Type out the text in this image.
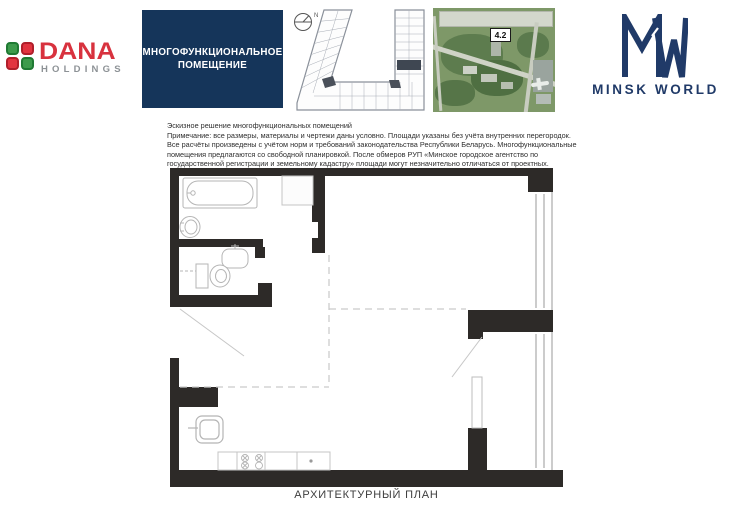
DANA
HOLDINGS
МНОГОФУНКЦИОНАЛЬНОЕ
ПОМЕЩЕНИЕ
N
4.2
MINSK WORLD
Эскизное решение многофункциональных помещений
Примечание: все размеры, материалы и чертежи даны условно. Площади указаны без учёта внутренних перегородок.
Все расчёты произведены с учётом норм и требований законодательства Республики Беларусь. Многофункциональные
помещения предлагаются со свободной планировкой. После обмеров РУП «Минское городское агентство по
государственной регистрации и земельному кадастру» площади могут незначительно отличаться от проектных.
АРХИТЕКТУРНЫЙ ПЛАН
